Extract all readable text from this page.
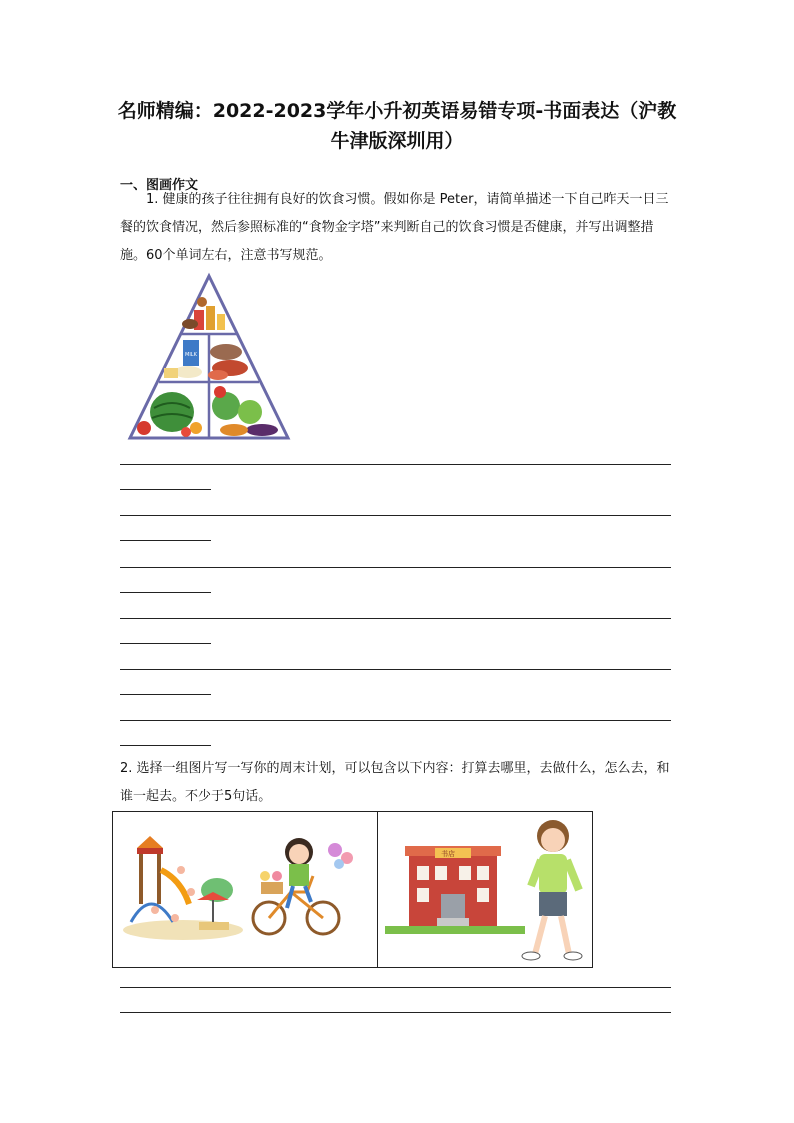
名师精编：2022-2023学年小升初英语易错专项-书面表达（沪教牛津版深圳用）
一、图画作文
1. 健康的孩子往往拥有良好的饮食习惯。假如你是 Peter，请简单描述一下自己昨天一日三餐的饮食情况，然后参照标准的“食物金字塔”来判断自己的饮食习惯是否健康，并写出调整措施。60个单词左右，注意书写规范。
MILK
2. 选择一组图片写一写你的周末计划，可以包含以下内容：打算去哪里，去做什么，怎么去，和谁一起去。不少于5句话。
书店
